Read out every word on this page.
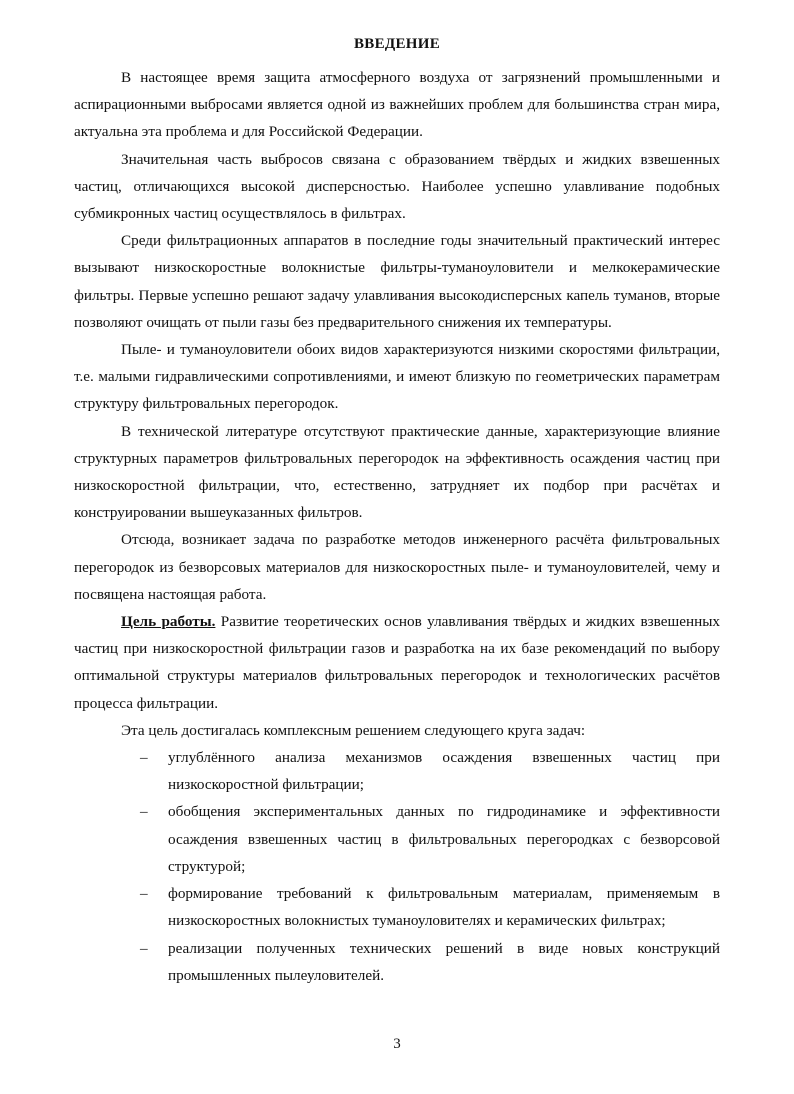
ВВЕДЕНИЕ

В настоящее время защита атмосферного воздуха от загрязнений промышленными и аспирационными выбросами является одной из важнейших проблем для большинства стран мира, актуальна эта проблема и для Российской Федерации.

Значительная часть выбросов связана с образованием твёрдых и жидких взвешенных частиц, отличающихся высокой дисперсностью. Наиболее успешно улавливание подобных субмикронных частиц осуществлялось в фильтрах.

Среди фильтрационных аппаратов в последние годы значительный практический интерес вызывают низкоскоростные волокнистые фильтры-туманоуловители и мелкокерамические фильтры. Первые успешно решают задачу улавливания высокодисперсных капель туманов, вторые позволяют очищать от пыли газы без предварительного снижения их температуры.

Пыле- и туманоуловители обоих видов характеризуются низкими скоростями фильтрации, т.е. малыми гидравлическими сопротивлениями, и имеют близкую по геометрических параметрам структуру фильтровальных перегородок.

В технической литературе отсутствуют практические данные, характеризующие влияние структурных параметров фильтровальных перегородок на эффективность осаждения частиц при низкоскоростной фильтрации, что, естественно, затрудняет их подбор при расчётах и конструировании вышеуказанных фильтров.

Отсюда, возникает задача по разработке методов инженерного расчёта фильтровальных перегородок из безворсовых материалов для низкоскоростных пыле- и туманоуловителей, чему и посвящена настоящая работа.

Цель работы. Развитие теоретических основ улавливания твёрдых и жидких взвешенных частиц при низкоскоростной фильтрации газов и разработка на их базе рекомендаций по выбору оптимальной структуры материалов фильтровальных перегородок и технологических расчётов процесса фильтрации.

Эта цель достигалась комплексным решением следующего круга задач:

– углублённого анализа механизмов осаждения взвешенных частиц при низкоскоростной фильтрации;
– обобщения экспериментальных данных по гидродинамике и эффективности осаждения взвешенных частиц в фильтровальных перегородках с безворсовой структурой;
– формирование требований к фильтровальным материалам, применяемым в низкоскоростных волокнистых туманоуловителях и керамических фильтрах;
– реализации полученных технических решений в виде новых конструкций промышленных пылеуловителей.
3
